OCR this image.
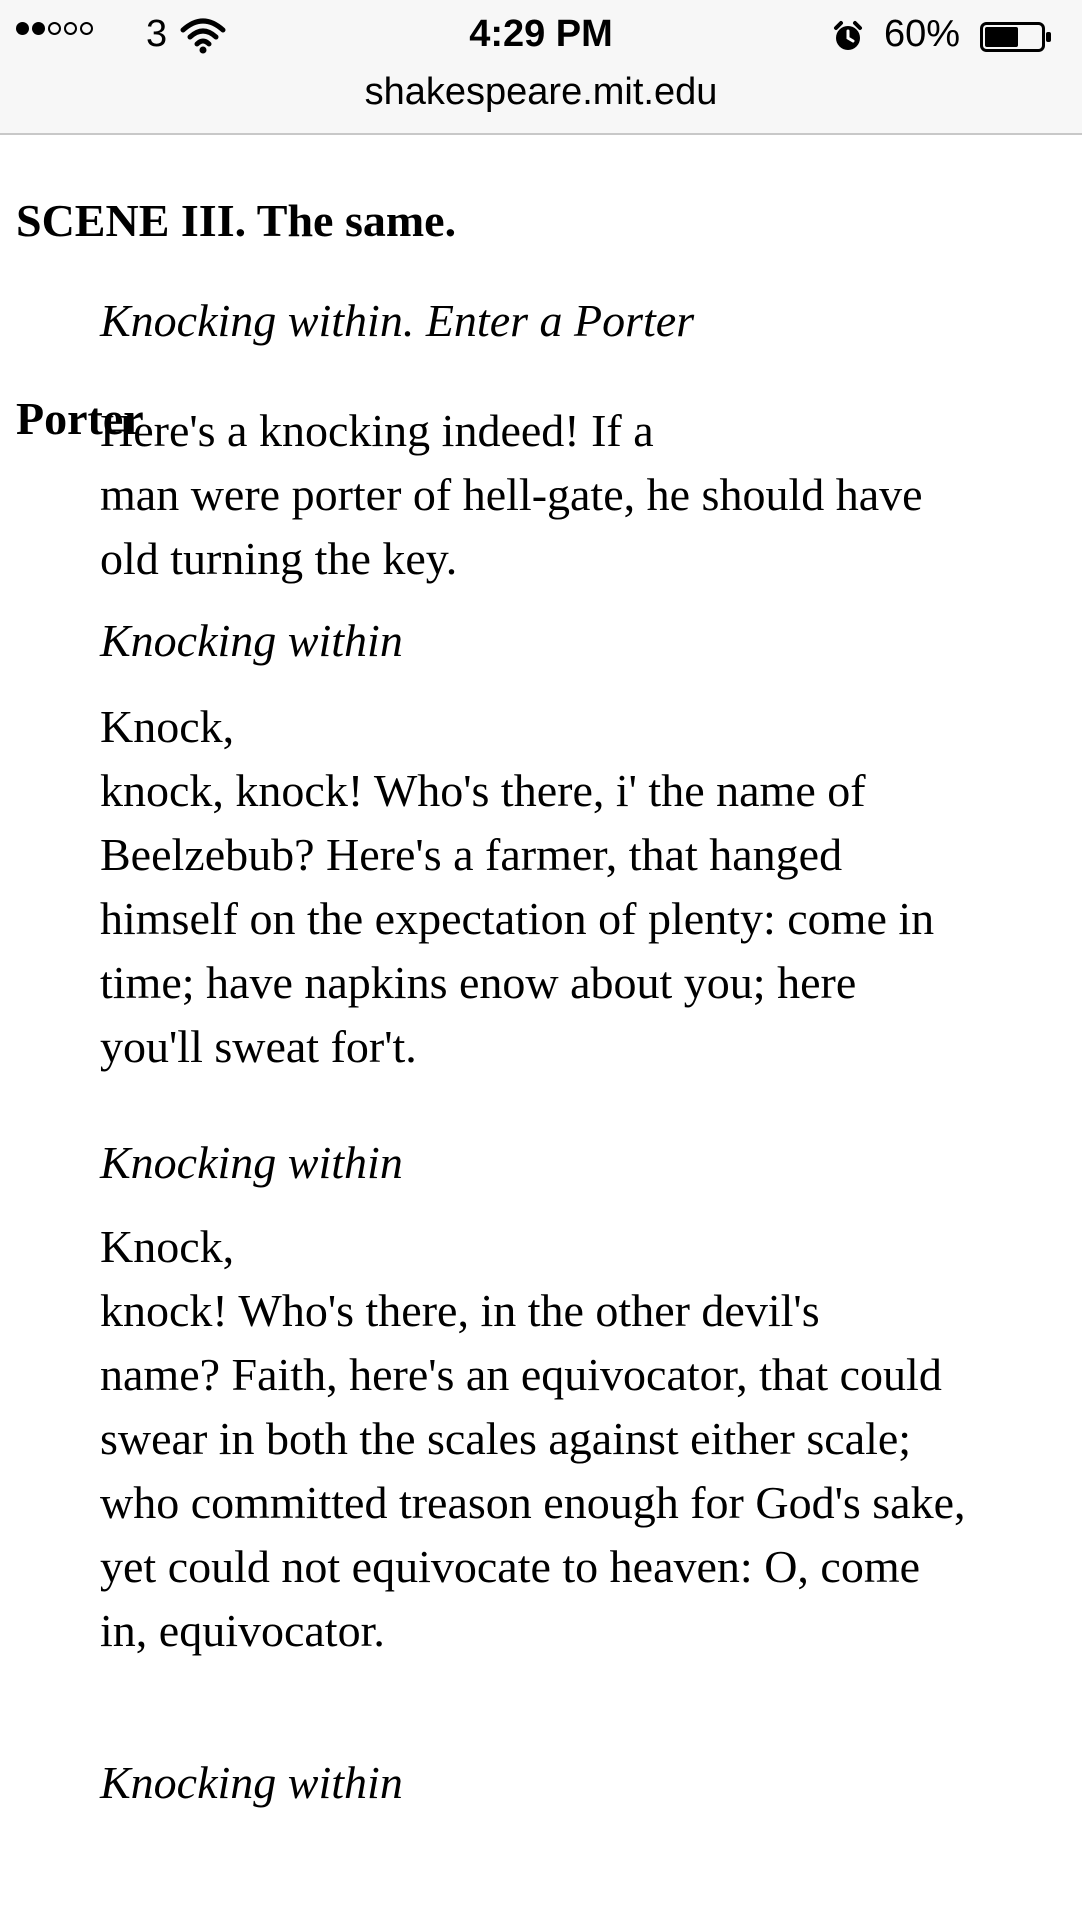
3	4:29 PM	60%
shakespeare.mit.edu
SCENE III. The same.

Knocking within. Enter a Porter

Porter

Here's a knocking indeed! If a
man were porter of hell-gate, he should have
old turning the key.

Knocking within

Knock,
knock, knock! Who's there, i' the name of
Beelzebub? Here's a farmer, that hanged
himself on the expectation of plenty: come in
time; have napkins enow about you; here
you'll sweat for't.

Knocking within

Knock,
knock! Who's there, in the other devil's
name? Faith, here's an equivocator, that could
swear in both the scales against either scale;
who committed treason enough for God's sake,
yet could not equivocate to heaven: O, come
in, equivocator.

Knocking within
